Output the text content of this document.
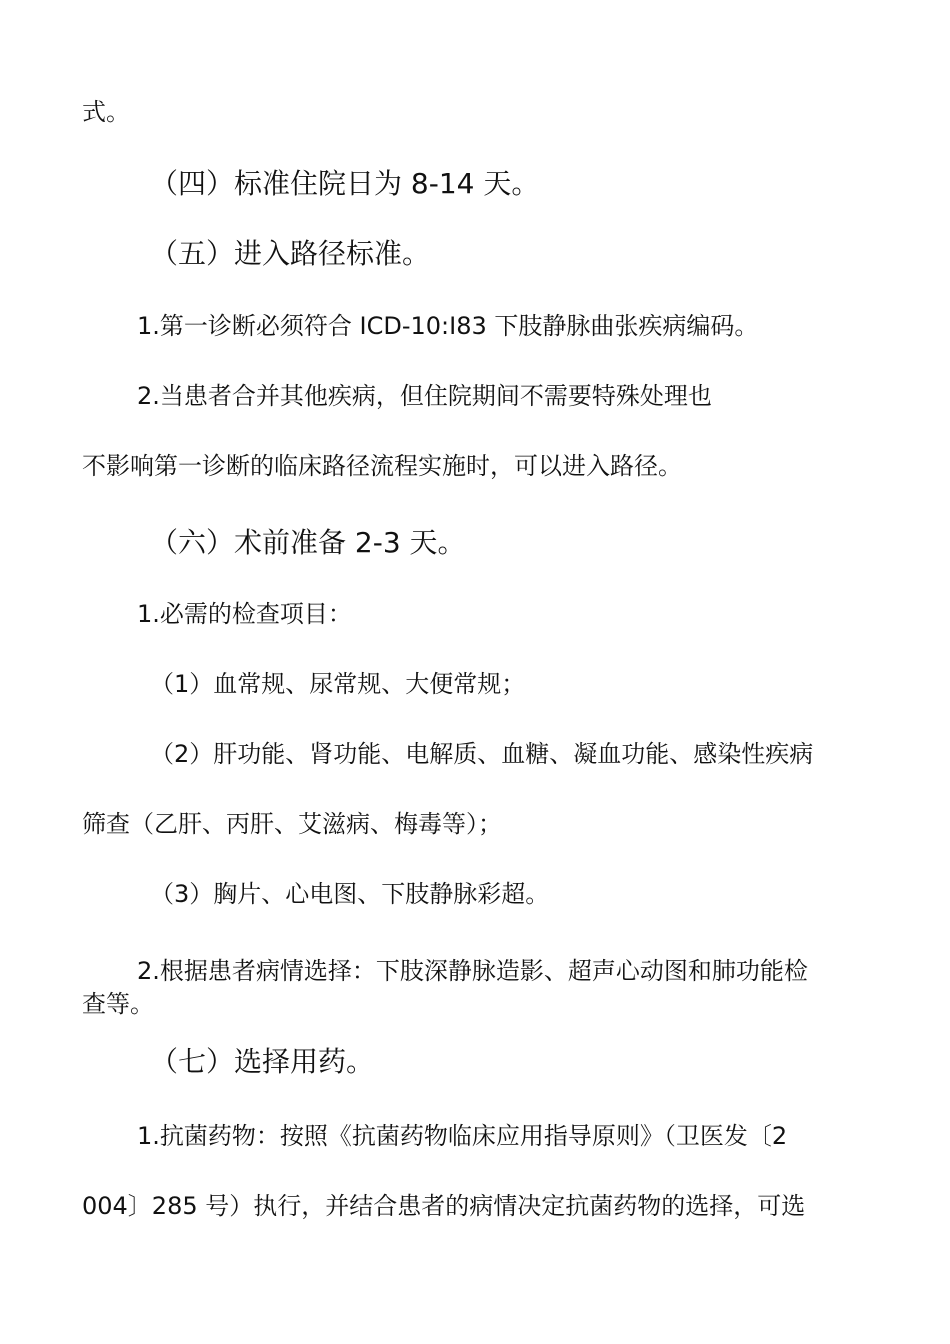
式。
（四）标准住院日为 8-14 天。
（五）进入路径标准。
1.第一诊断必须符合 ICD-10:I83 下肢静脉曲张疾病编码。
2.当患者合并其他疾病，但住院期间不需要特殊处理也
不影响第一诊断的临床路径流程实施时，可以进入路径。
（六）术前准备 2-3 天。
1.必需的检查项目：
（1）血常规、尿常规、大便常规；
（2）肝功能、肾功能、电解质、血糖、凝血功能、感染性疾病
筛查（乙肝、丙肝、艾滋病、梅毒等）；
（3）胸片、心电图、下肢静脉彩超。
2.根据患者病情选择：下肢深静脉造影、超声心动图和肺功能检
查等。
（七）选择用药。
1.抗菌药物：按照《抗菌药物临床应用指导原则》（卫医发〔2
004〕285 号）执行，并结合患者的病情决定抗菌药物的选择，可选
